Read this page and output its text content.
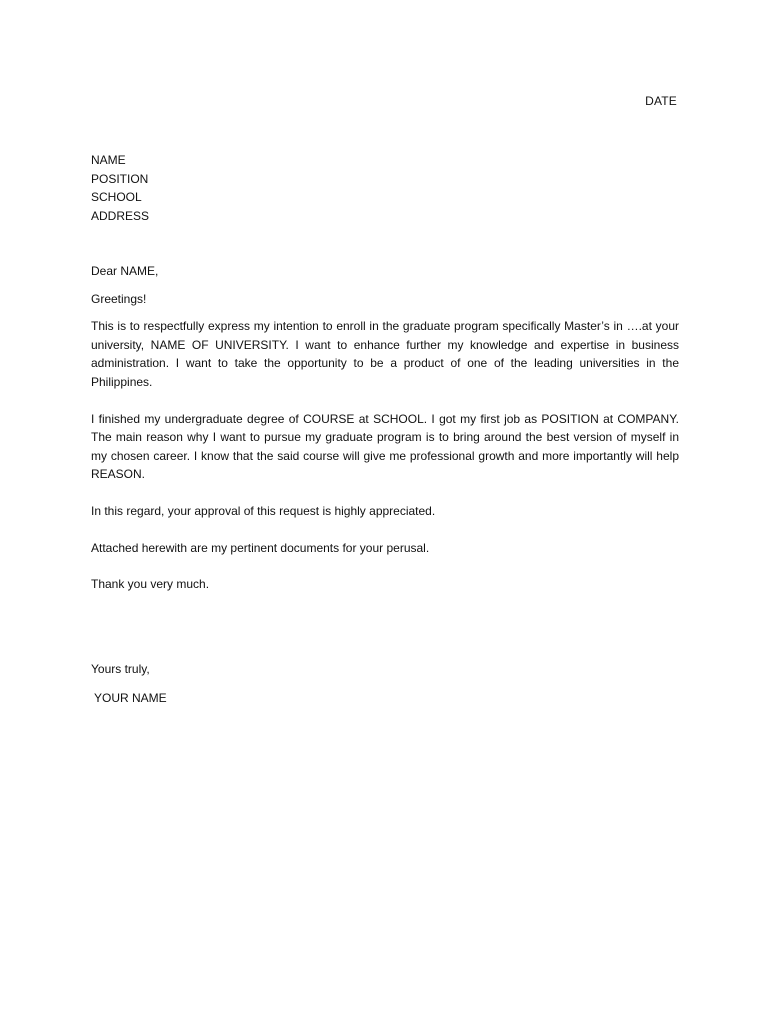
DATE
NAME
POSITION
SCHOOL
ADDRESS

Dear NAME,

Greetings!

This is to respectfully express my intention to enroll in the graduate program specifically Master’s in ….at your university, NAME OF UNIVERSITY. I want to enhance further my knowledge and expertise in business administration. I want to take the opportunity to be a product of one of the leading universities in the Philippines.

I finished my undergraduate degree of COURSE at SCHOOL. I got my first job as POSITION at COMPANY. The main reason why I want to pursue my graduate program is to bring around the best version of myself in my chosen career. I know that the said course will give me professional growth and more importantly will help REASON.

In this regard, your approval of this request is highly appreciated.

Attached herewith are my pertinent documents for your perusal.

Thank you very much.

Yours truly,
YOUR NAME
